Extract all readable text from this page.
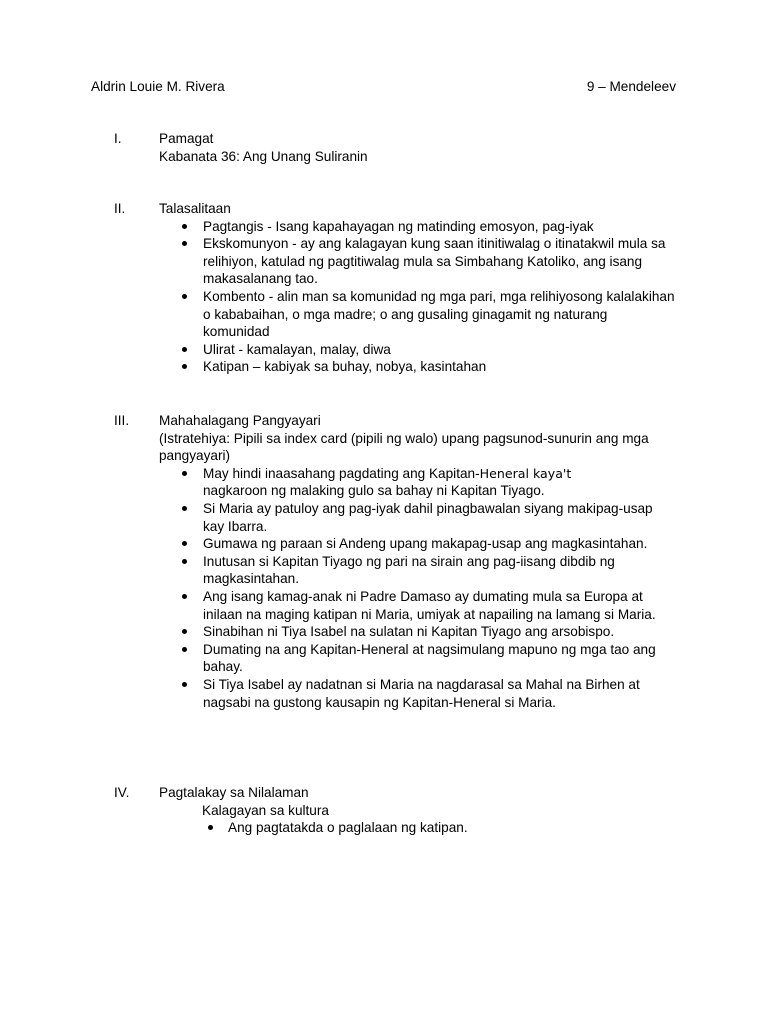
Aldrin Louie M. Rivera	9 – Mendeleev
I.	Pamagat
Kabanata 36: Ang Unang Suliranin
II. Talasalitaan
Pagtangis - Isang kapahayagan ng matinding emosyon, pag-iyak
Ekskomunyon - ay ang kalagayan kung saan itinitiwalag o itinatakwil mula sa relihiyon, katulad ng pagtitiwalag mula sa Simbahang Katoliko, ang isang makasalanang tao.
Kombento - alin man sa komunidad ng mga pari, mga relihiyosong kalalakihan o kababaihan, o mga madre; o ang gusaling ginagamit ng naturang komunidad
Ulirat - kamalayan, malay, diwa
Katipan – kabiyak sa buhay, nobya, kasintahan
III. Mahahalagang Pangyayari
(Istratehiya: Pipili sa index card (pipili ng walo) upang pagsunod-sunurin ang mga pangyayari)
May hindi inaasahang pagdating ang Kapitan-Heneral kaya't
nagkaroon ng malaking gulo sa bahay ni Kapitan Tiyago.
Si Maria ay patuloy ang pag-iyak dahil pinagbawalan siyang makipag-usap kay Ibarra.
Gumawa ng paraan si Andeng upang makapag-usap ang magkasintahan.
Inutusan si Kapitan Tiyago ng pari na sirain ang pag-iisang dibdib ng magkasintahan.
Ang isang kamag-anak ni Padre Damaso ay dumating mula sa Europa at inilaan na maging katipan ni Maria, umiyak at napailing na lamang si Maria.
Sinabihan ni Tiya Isabel na sulatan ni Kapitan Tiyago ang arsobispo.
Dumating na ang Kapitan-Heneral at nagsimulang mapuno ng mga tao ang bahay.
Si Tiya Isabel ay nadatnan si Maria na nagdarasal sa Mahal na Birhen at nagsabi na gustong kausapin ng Kapitan-Heneral si Maria.
IV. Pagtalakay sa Nilalaman
Kalagayan sa kultura
Ang pagtatakda o paglalaan ng katipan.
